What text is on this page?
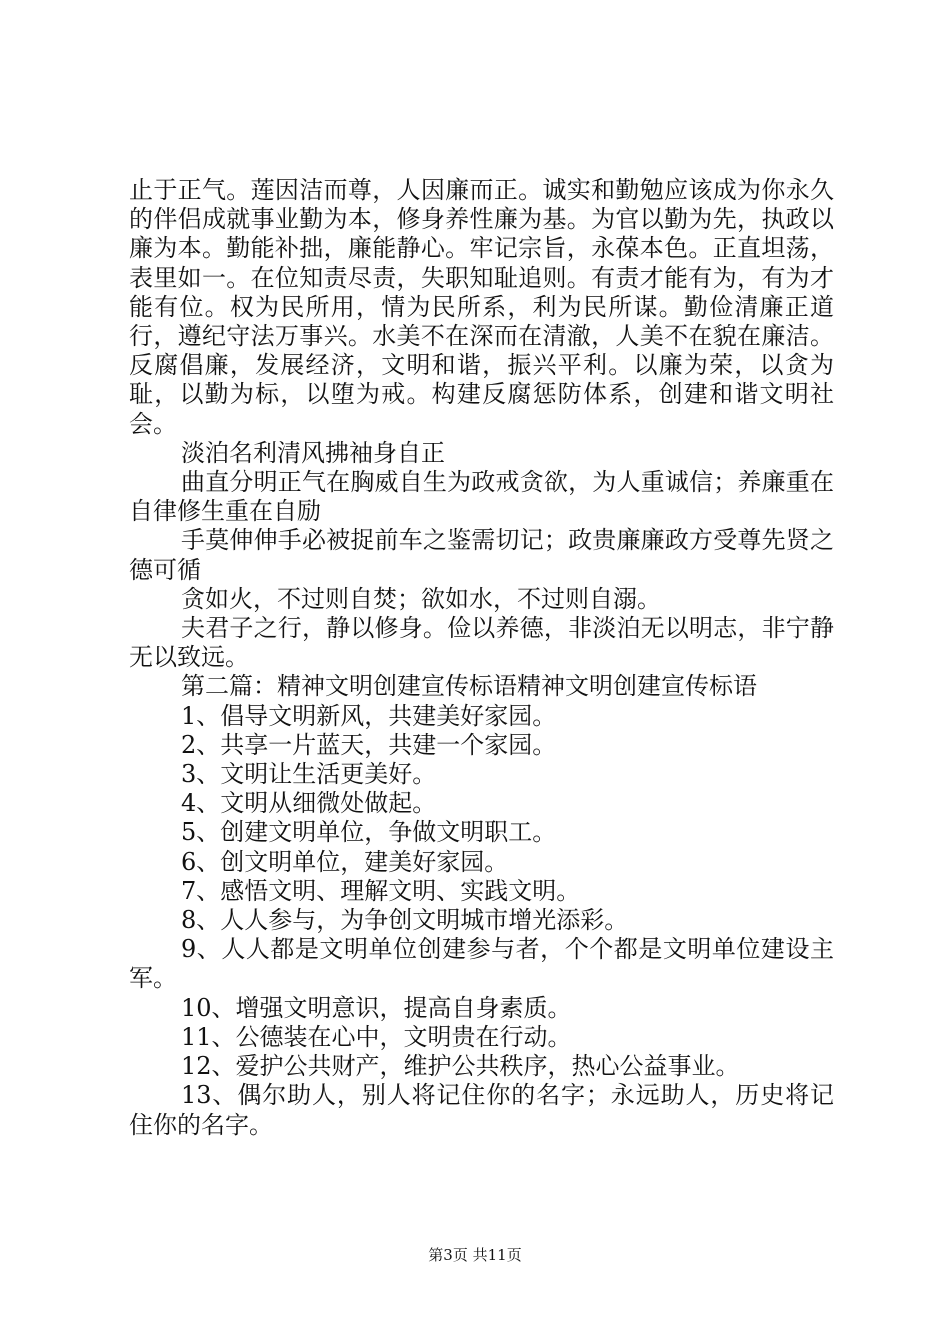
止于正气。莲因洁而尊，人因廉而正。诚实和勤勉应该成为你永久的伴侣成就事业勤为本，修身养性廉为基。为官以勤为先，执政以廉为本。勤能补拙，廉能静心。牢记宗旨，永葆本色。正直坦荡，表里如一。在位知责尽责，失职知耻追则。有责才能有为，有为才能有位。权为民所用，情为民所系，利为民所谋。勤俭清廉正道行，遵纪守法万事兴。水美不在深而在清澈，人美不在貌在廉洁。反腐倡廉，发展经济，文明和谐，振兴平利。以廉为荣，以贪为耻，以勤为标，以堕为戒。构建反腐惩防体系，创建和谐文明社会。

淡泊名利清风拂袖身自正

曲直分明正气在胸威自生为政戒贪欲，为人重诚信；养廉重在自律修生重在自励

手莫伸伸手必被捉前车之鉴需切记；政贵廉廉政方受尊先贤之德可循

贪如火，不过则自焚；欲如水，不过则自溺。

夫君子之行，静以修身。俭以养德，非淡泊无以明志，非宁静无以致远。

第二篇：精神文明创建宣传标语精神文明创建宣传标语

1、倡导文明新风，共建美好家园。

2、共享一片蓝天，共建一个家园。

3、文明让生活更美好。

4、文明从细微处做起。

5、创建文明单位，争做文明职工。

6、创文明单位，建美好家园。

7、感悟文明、理解文明、实践文明。

8、人人参与，为争创文明城市增光添彩。

9、人人都是文明单位创建参与者，个个都是文明单位建设主军。

10、增强文明意识，提高自身素质。

11、公德装在心中，文明贵在行动。

12、爱护公共财产，维护公共秩序，热心公益事业。

13、偶尔助人，别人将记住你的名字；永远助人，历史将记住你的名字。

第3页 共11页
